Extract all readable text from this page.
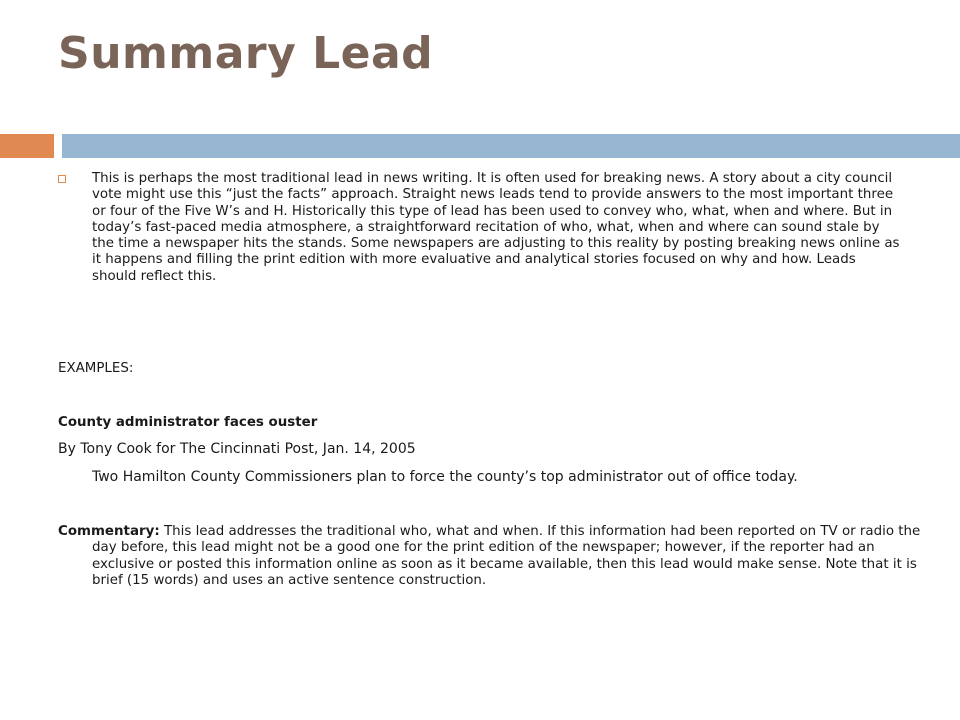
Summary Lead

This is perhaps the most traditional lead in news writing. It is often used for breaking news. A story about a city council vote might use this “just the facts” approach. Straight news leads tend to provide answers to the most important three or four of the Five W’s and H. Historically this type of lead has been used to convey who, what, when and where. But in today’s fast-paced media atmosphere, a straightforward recitation of who, what, when and where can sound stale by the time a newspaper hits the stands. Some newspapers are adjusting to this reality by posting breaking news online as it happens and filling the print edition with more evaluative and analytical stories focused on why and how. Leads should reflect this.

EXAMPLES:

County administrator faces ouster

By Tony Cook for The Cincinnati Post, Jan. 14, 2005

Two Hamilton County Commissioners plan to force the county’s top administrator out of office today.

Commentary: This lead addresses the traditional who, what and when. If this information had been reported on TV or radio the day before, this lead might not be a good one for the print edition of the newspaper; however, if the reporter had an exclusive or posted this information online as soon as it became available, then this lead would make sense. Note that it is brief (15 words) and uses an active sentence construction.
